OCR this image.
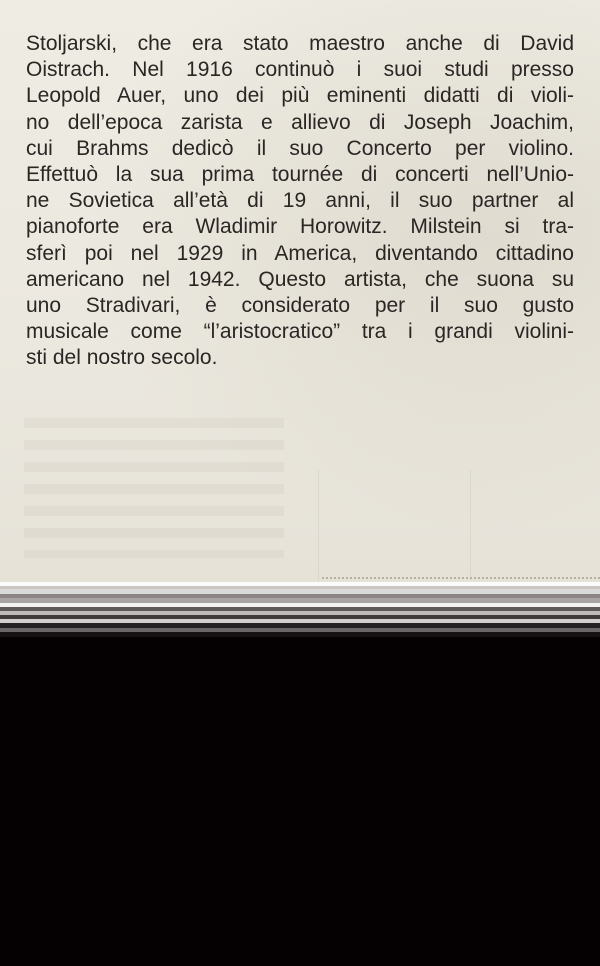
Stoljarski, che era stato maestro anche di David
Oistrach. Nel 1916 continuò i suoi studi presso
Leopold Auer, uno dei più eminenti didatti di violi-
no dell’epoca zarista e allievo di Joseph Joachim,
cui Brahms dedicò il suo Concerto per violino.
Effettuò la sua prima tournée di concerti nell’Unio-
ne Sovietica all’età di 19 anni, il suo partner al
pianoforte era Wladimir Horowitz. Milstein si tra-
sferì poi nel 1929 in America, diventando cittadino
americano nel 1942. Questo artista, che suona su
uno Stradivari, è considerato per il suo gusto
musicale come “l’aristocratico” tra i grandi violini-
sti del nostro secolo.
